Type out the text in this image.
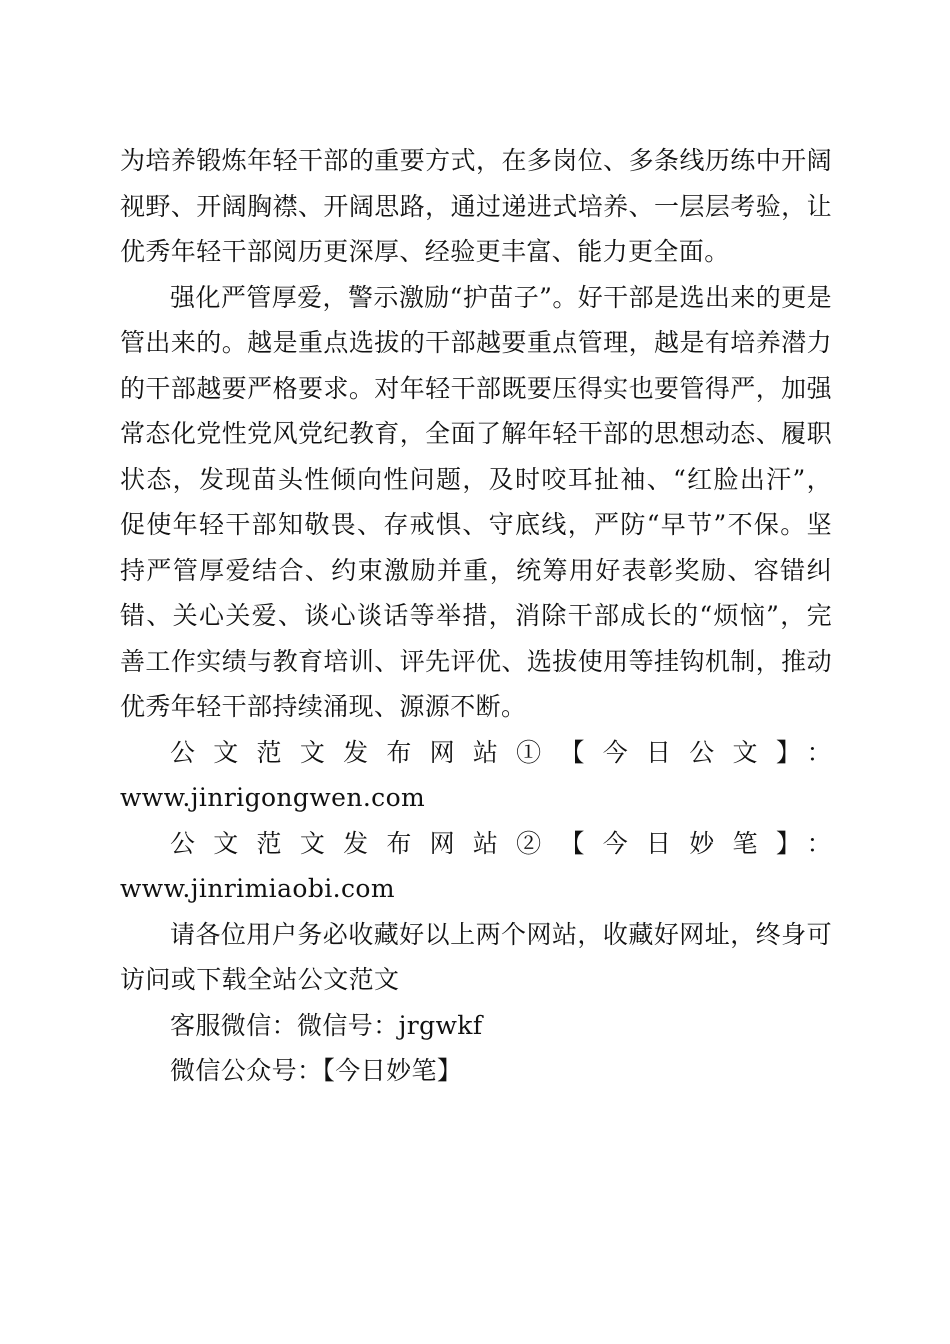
为培养锻炼年轻干部的重要方式，在多岗位、多条线历练中开阔视野、开阔胸襟、开阔思路，通过递进式培养、一层层考验，让优秀年轻干部阅历更深厚、经验更丰富、能力更全面。

强化严管厚爱，警示激励“护苗子”。好干部是选出来的更是管出来的。越是重点选拔的干部越要重点管理，越是有培养潜力的干部越要严格要求。对年轻干部既要压得实也要管得严，加强常态化党性党风党纪教育，全面了解年轻干部的思想动态、履职状态，发现苗头性倾向性问题，及时咬耳扯袖、“红脸出汗”，促使年轻干部知敬畏、存戒惧、守底线，严防“早节”不保。坚持严管厚爱结合、约束激励并重，统筹用好表彰奖励、容错纠错、关心关爱、谈心谈话等举措，消除干部成长的“烦恼”，完善工作实绩与教育培训、评先评优、选拔使用等挂钩机制，推动优秀年轻干部持续涌现、源源不断。

公文范文发布网站①【今日公文】：

www.jinrigongwen.com

公文范文发布网站②【今日妙笔】：www.jinrimiaobi.com

请各位用户务必收藏好以上两个网站，收藏好网址，终身可访问或下载全站公文范文

客服微信：微信号：jrgwkf

微信公众号：【今日妙笔】
